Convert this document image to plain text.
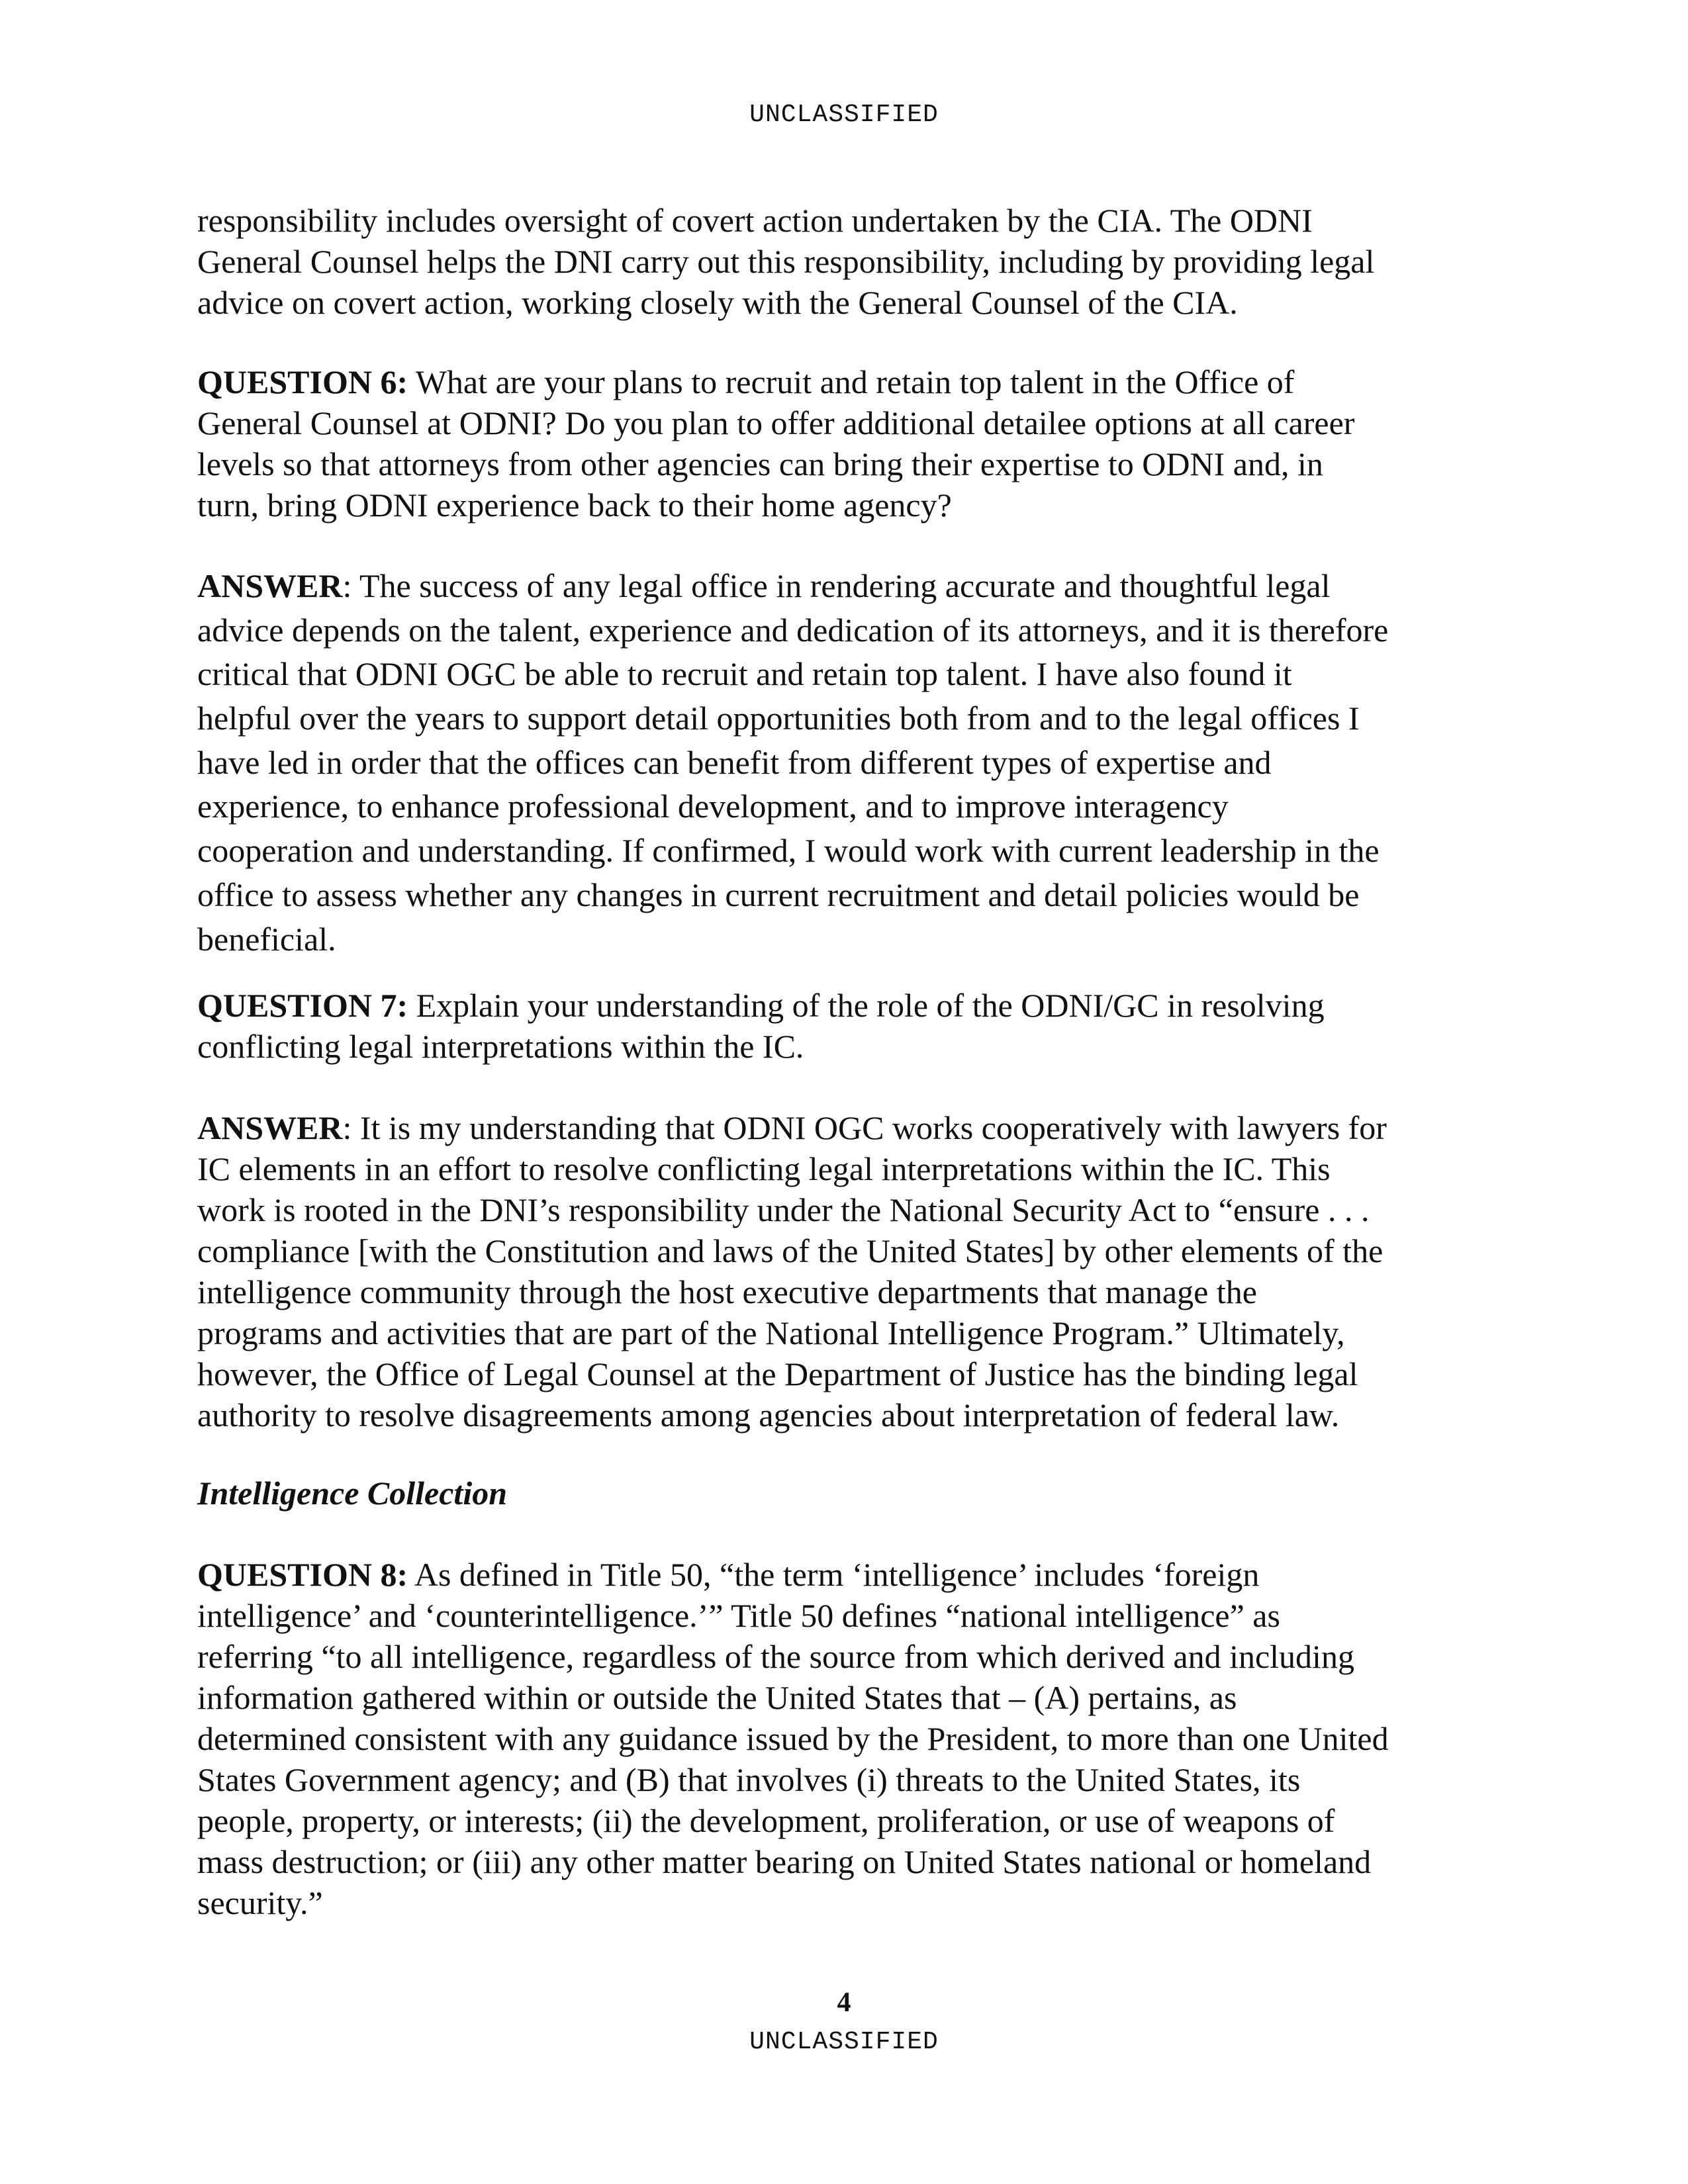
UNCLASSIFIED
responsibility includes oversight of covert action undertaken by the CIA. The ODNI
General Counsel helps the DNI carry out this responsibility, including by providing legal
advice on covert action, working closely with the General Counsel of the CIA.
QUESTION 6: What are your plans to recruit and retain top talent in the Office of
General Counsel at ODNI? Do you plan to offer additional detailee options at all career
levels so that attorneys from other agencies can bring their expertise to ODNI and, in
turn, bring ODNI experience back to their home agency?
ANSWER: The success of any legal office in rendering accurate and thoughtful legal
advice depends on the talent, experience and dedication of its attorneys, and it is therefore
critical that ODNI OGC be able to recruit and retain top talent. I have also found it
helpful over the years to support detail opportunities both from and to the legal offices I
have led in order that the offices can benefit from different types of expertise and
experience, to enhance professional development, and to improve interagency
cooperation and understanding. If confirmed, I would work with current leadership in the
office to assess whether any changes in current recruitment and detail policies would be
beneficial.
QUESTION 7: Explain your understanding of the role of the ODNI/GC in resolving
conflicting legal interpretations within the IC.
ANSWER: It is my understanding that ODNI OGC works cooperatively with lawyers for
IC elements in an effort to resolve conflicting legal interpretations within the IC. This
work is rooted in the DNI’s responsibility under the National Security Act to “ensure . . .
compliance [with the Constitution and laws of the United States] by other elements of the
intelligence community through the host executive departments that manage the
programs and activities that are part of the National Intelligence Program.” Ultimately,
however, the Office of Legal Counsel at the Department of Justice has the binding legal
authority to resolve disagreements among agencies about interpretation of federal law.
Intelligence Collection
QUESTION 8: As defined in Title 50, “the term ‘intelligence’ includes ‘foreign
intelligence’ and ‘counterintelligence.’” Title 50 defines “national intelligence” as
referring “to all intelligence, regardless of the source from which derived and including
information gathered within or outside the United States that – (A) pertains, as
determined consistent with any guidance issued by the President, to more than one United
States Government agency; and (B) that involves (i) threats to the United States, its
people, property, or interests; (ii) the development, proliferation, or use of weapons of
mass destruction; or (iii) any other matter bearing on United States national or homeland
security.”
4
UNCLASSIFIED
